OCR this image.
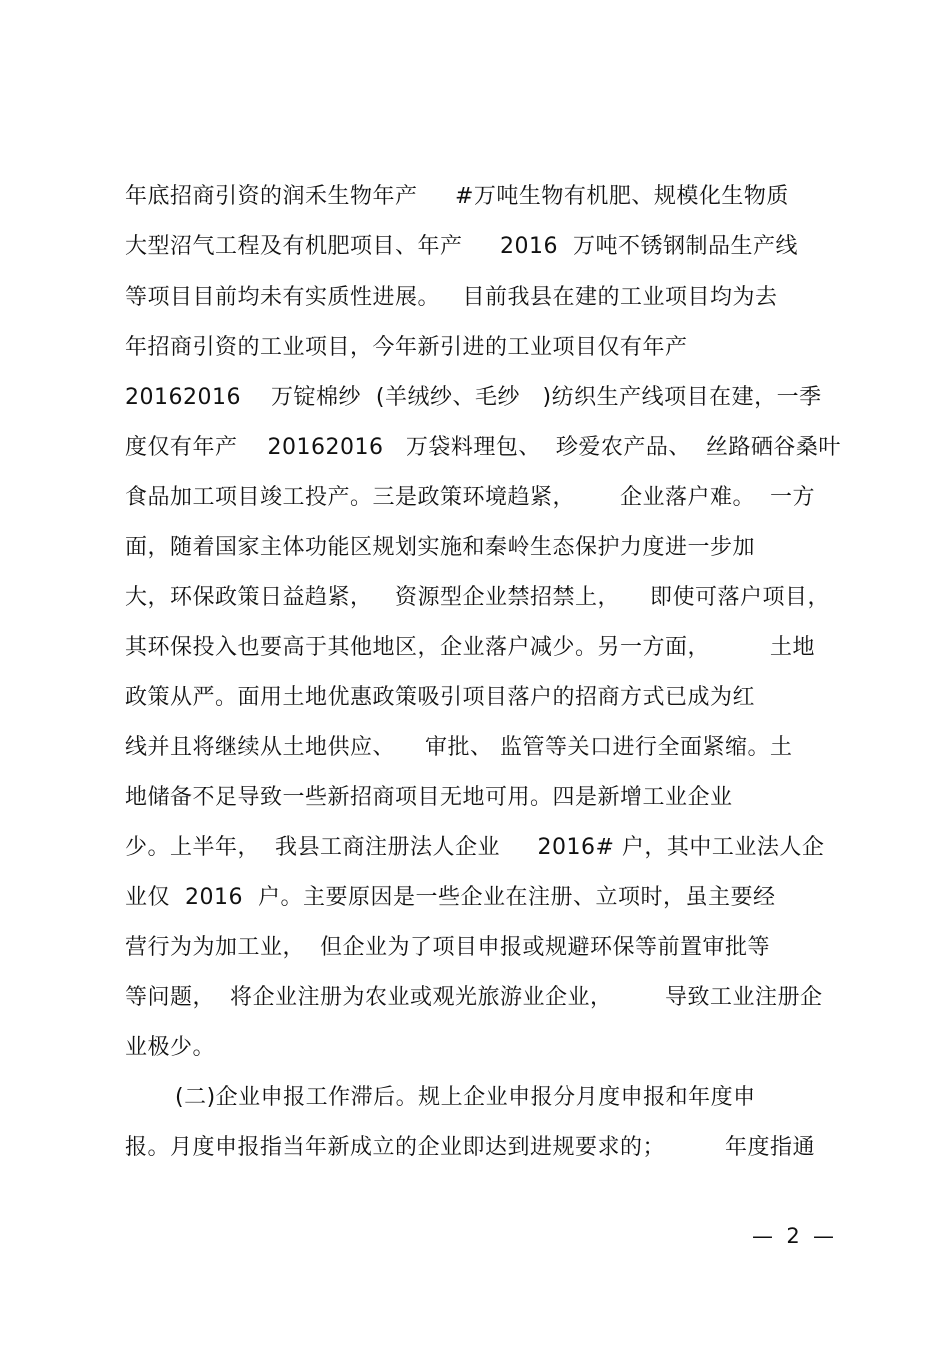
年底招商引资的润禾生物年产     #万吨生物有机肥、规模化生物质
大型沼气工程及有机肥项目、年产     2016  万吨不锈钢制品生产线
等项目目前均未有实质性进展。   目前我县在建的工业项目均为去
年招商引资的工业项目，今年新引进的工业项目仅有年产
20162016    万锭棉纱  (羊绒纱、毛纱   )纺织生产线项目在建，一季
度仅有年产    20162016   万袋料理包、  珍爱农产品、  丝路硒谷桑叶
食品加工项目竣工投产。三是政策环境趋紧，      企业落户难。  一方
面，随着国家主体功能区规划实施和秦岭生态保护力度进一步加
大，环保政策日益趋紧，   资源型企业禁招禁上，    即使可落户项目，
其环保投入也要高于其他地区，企业落户减少。另一方面，        土地
政策从严。面用土地优惠政策吸引项目落户的招商方式已成为红
线并且将继续从土地供应、    审批、 监管等关口进行全面紧缩。土
地储备不足导致一些新招商项目无地可用。四是新增工业企业
少。上半年，  我县工商注册法人企业     2016# 户，其中工业法人企
业仅  2016  户。主要原因是一些企业在注册、立项时，虽主要经
营行为为加工业，  但企业为了项目申报或规避环保等前置审批等
等问题，  将企业注册为农业或观光旅游业企业，       导致工业注册企
业极少。
(二)企业申报工作滞后。规上企业申报分月度申报和年度申
报。月度申报指当年新成立的企业即达到进规要求的；        年度指通
—  2  —
